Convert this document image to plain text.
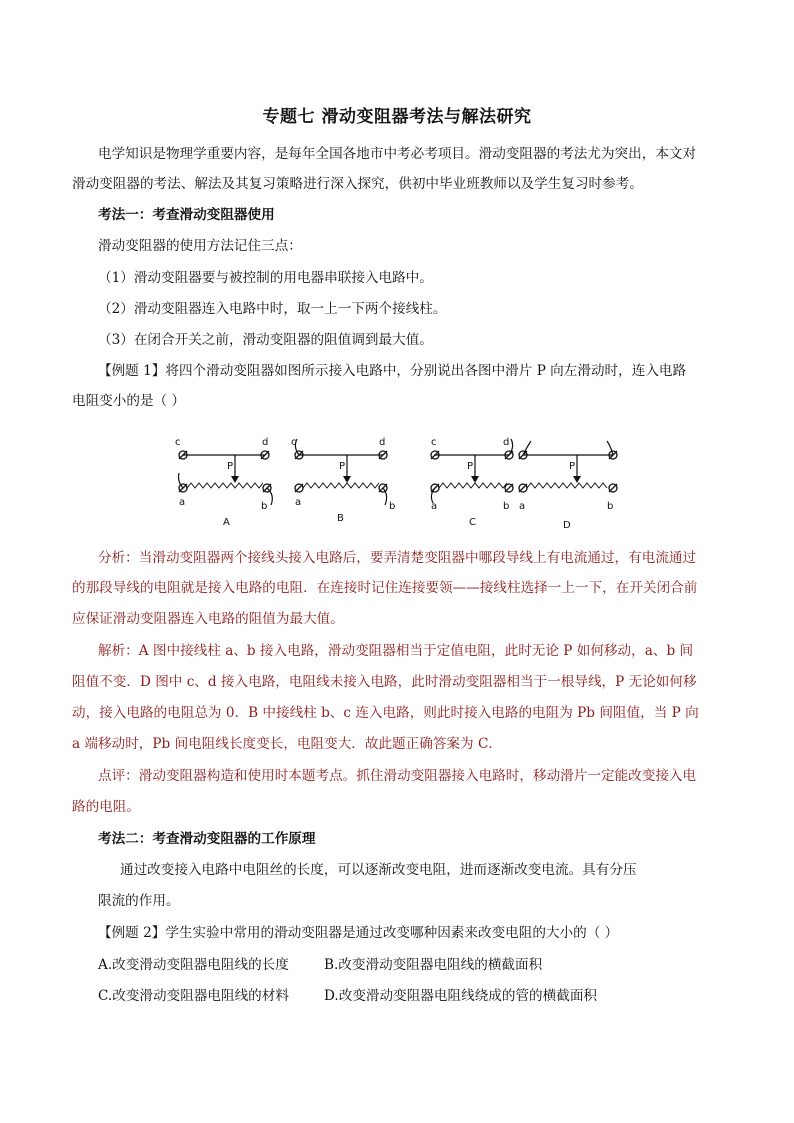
专题七 滑动变阻器考法与解法研究
电学知识是物理学重要内容，是每年全国各地市中考必考项目。滑动变阻器的考法尤为突出，本文对
滑动变阻器的考法、解法及其复习策略进行深入探究，供初中毕业班教师以及学生复习时参考。
考法一：考查滑动变阻器使用
滑动变阻器的使用方法记住三点：
（1）滑动变阻器要与被控制的用电器串联接入电路中。
（2）滑动变阻器连入电路中时，取一上一下两个接线柱。
（3）在闭合开关之前，滑动变阻器的阻值调到最大值。
【例题 1】将四个滑动变阻器如图所示接入电路中，分别说出各图中滑片 P 向左滑动时，连入电路
电阻变小的是（ ）
c	d
P
a	b
A
c	d
P
a	b
B
c	d
P
a	b
C
P
a	b
D
分析：当滑动变阻器两个接线头接入电路后，要弄清楚变阻器中哪段导线上有电流通过，有电流通过
的那段导线的电阻就是接入电路的电阻．在连接时记住连接要领——接线柱选择一上一下，在开关闭合前
应保证滑动变阻器连入电路的阻值为最大值。
解析：A 图中接线柱 a、b 接入电路，滑动变阻器相当于定值电阻，此时无论 P 如何移动，a、b 间
阻值不变．D 图中 c、d 接入电路，电阻线未接入电路，此时滑动变阻器相当于一根导线，P 无论如何移
动，接入电路的电阻总为 0．B 中接线柱 b、c 连入电路，则此时接入电路的电阻为 Pb 间阻值，当 P 向
a 端移动时，Pb 间电阻线长度变长，电阻变大．故此题正确答案为 C．
点评：滑动变阻器构造和使用时本题考点。抓住滑动变阻器接入电路时，移动滑片一定能改变接入电
路的电阻。
考法二：考查滑动变阻器的工作原理
通过改变接入电路中电阻丝的长度，可以逐渐改变电阻，进而逐渐改变电流。具有分压
限流的作用。
【例题 2】学生实验中常用的滑动变阻器是通过改变哪种因素来改变电阻的大小的（ ）
A.改变滑动变阻器电阻线的长度	B.改变滑动变阻器电阻线的横截面积
C.改变滑动变阻器电阻线的材料	D.改变滑动变阻器电阻线绕成的管的横截面积
